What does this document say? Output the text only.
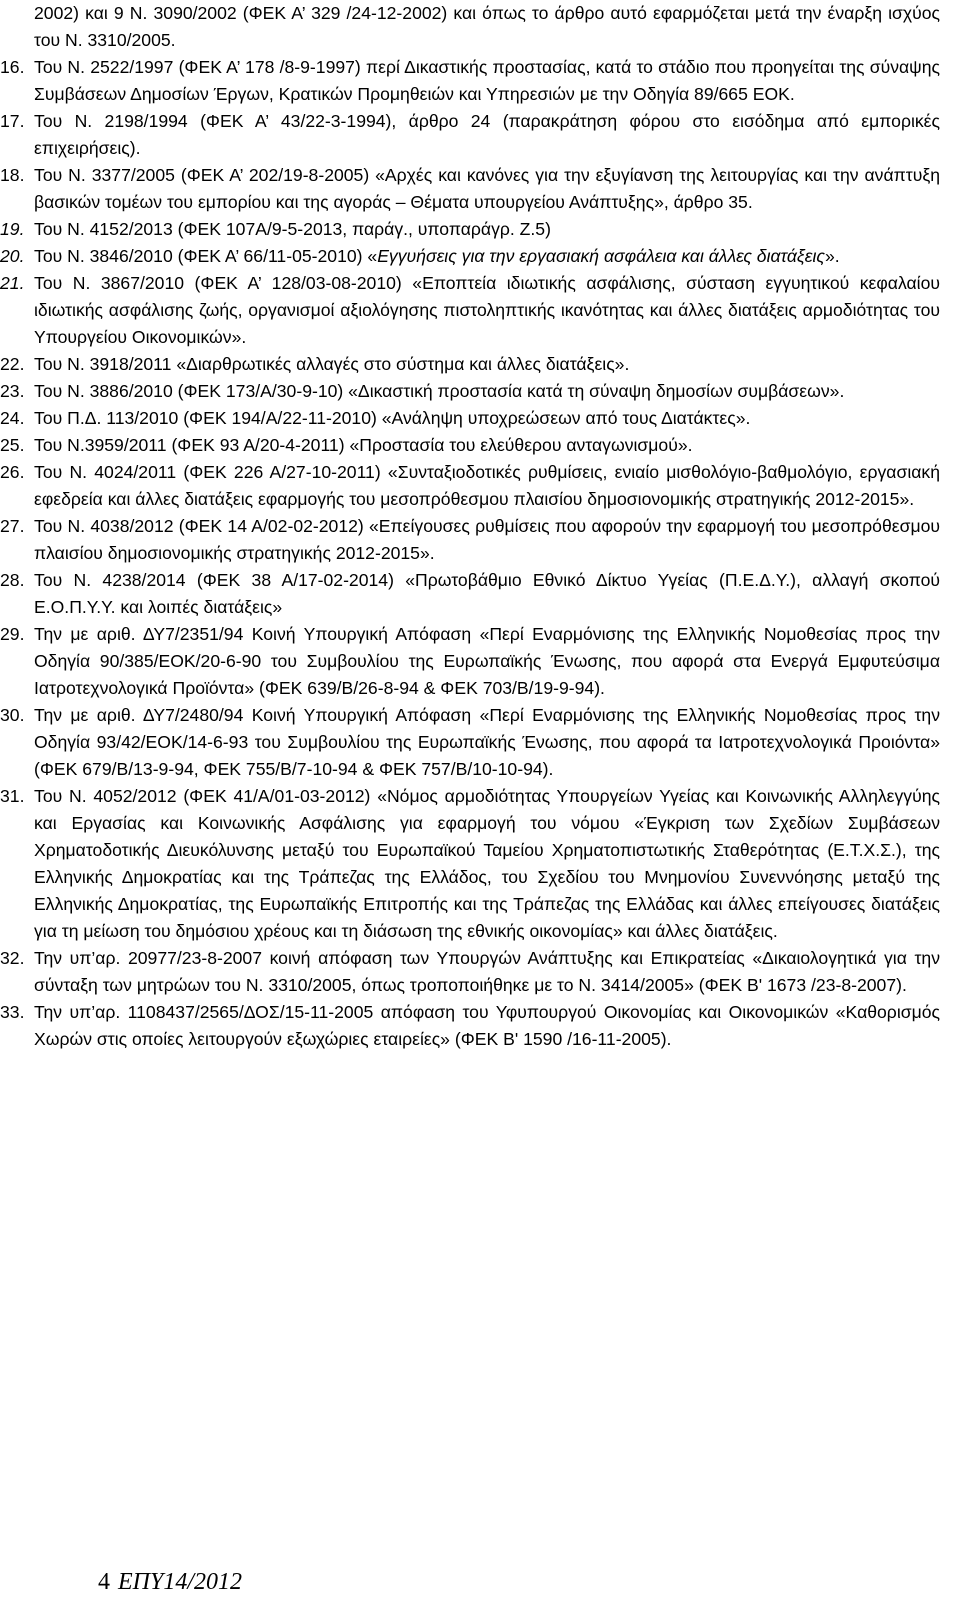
2002) και 9 Ν. 3090/2002 (ΦΕΚ Α’ 329 /24-12-2002) και όπως το άρθρο αυτό εφαρμόζεται μετά την έναρξη ισχύος του Ν. 3310/2005.

16. Του Ν. 2522/1997 (ΦΕΚ Α’ 178 /8-9-1997) περί Δικαστικής προστασίας, κατά το στάδιο που προηγείται της σύναψης Συμβάσεων Δημοσίων Έργων, Κρατικών Προμηθειών και Υπηρεσιών με την Οδηγία 89/665 ΕΟΚ.

17. Του Ν. 2198/1994 (ΦΕΚ Α’ 43/22-3-1994), άρθρο 24 (παρακράτηση φόρου στο εισόδημα από εμπορικές επιχειρήσεις).

18. Του Ν. 3377/2005 (ΦΕΚ Α’ 202/19-8-2005) «Αρχές και κανόνες για την εξυγίανση της λειτουργίας και την ανάπτυξη βασικών τομέων του εμπορίου και της αγοράς – Θέματα υπουργείου Ανάπτυξης», άρθρο 35.

19. Του Ν. 4152/2013 (ΦΕΚ 107Α/9-5-2013, παράγ., υποπαράγρ. Ζ.5)

20. Του Ν. 3846/2010 (ΦΕΚ Α’ 66/11-05-2010) «Εγγυήσεις για την εργασιακή ασφάλεια και άλλες διατάξεις».

21. Του Ν. 3867/2010 (ΦΕΚ Α’ 128/03-08-2010) «Εποπτεία ιδιωτικής ασφάλισης, σύσταση εγγυητικού κεφαλαίου ιδιωτικής ασφάλισης ζωής, οργανισμοί αξιολόγησης πιστοληπτικής ικανότητας και άλλες διατάξεις αρμοδιότητας του Υπουργείου Οικονομικών».

22. Του Ν. 3918/2011 «Διαρθρωτικές αλλαγές στο σύστημα και άλλες διατάξεις».

23. Του Ν. 3886/2010 (ΦΕΚ 173/Α/30-9-10) «Δικαστική προστασία κατά τη σύναψη δημοσίων συμβάσεων».

24. Του Π.Δ. 113/2010 (ΦΕΚ 194/Α/22-11-2010) «Ανάληψη υποχρεώσεων από τους Διατάκτες».

25. Του Ν.3959/2011 (ΦΕΚ 93 Α/20-4-2011) «Προστασία του ελεύθερου ανταγωνισμού».

26. Του Ν. 4024/2011 (ΦΕΚ 226 Α/27-10-2011) «Συνταξιοδοτικές ρυθμίσεις, ενιαίο μισθολόγιο-βαθμολόγιο, εργασιακή εφεδρεία και άλλες διατάξεις εφαρμογής του μεσοπρόθεσμου πλαισίου δημοσιονομικής στρατηγικής 2012-2015».

27. Του Ν. 4038/2012 (ΦΕΚ 14 Α/02-02-2012) «Επείγουσες ρυθμίσεις που αφορούν την εφαρμογή του μεσοπρόθεσμου πλαισίου δημοσιονομικής στρατηγικής 2012-2015».

28. Του Ν. 4238/2014 (ΦΕΚ 38 Α/17-02-2014) «Πρωτοβάθμιο Εθνικό Δίκτυο Υγείας (Π.Ε.Δ.Υ.), αλλαγή σκοπού Ε.Ο.Π.Υ.Υ. και λοιπές διατάξεις»

29. Την με αριθ. ΔΥ7/2351/94 Κοινή Υπουργική Απόφαση «Περί Εναρμόνισης της Ελληνικής Νομοθεσίας προς την Οδηγία 90/385/ΕΟΚ/20-6-90 του Συμβουλίου της Ευρωπαϊκής Ένωσης, που αφορά στα Ενεργά Εμφυτεύσιμα Ιατροτεχνολογικά Προϊόντα» (ΦΕΚ 639/Β/26-8-94 & ΦΕΚ 703/Β/19-9-94).

30. Την με αριθ. ΔΥ7/2480/94 Κοινή Υπουργική Απόφαση «Περί Εναρμόνισης της Ελληνικής Νομοθεσίας προς την Οδηγία 93/42/ΕΟΚ/14-6-93 του Συμβουλίου της Ευρωπαϊκής Ένωσης, που αφορά τα Ιατροτεχνολογικά Προιόντα» (ΦΕΚ 679/Β/13-9-94, ΦΕΚ 755/Β/7-10-94 & ΦΕΚ 757/Β/10-10-94).

31. Του Ν. 4052/2012 (ΦΕΚ 41/Α/01-03-2012) «Νόμος αρμοδιότητας Υπουργείων Υγείας και Κοινωνικής Αλληλεγγύης και Εργασίας και Κοινωνικής Ασφάλισης για εφαρμογή του νόμου «Έγκριση των Σχεδίων Συμβάσεων Χρηματοδοτικής Διευκόλυνσης μεταξύ του Ευρωπαϊκού Ταμείου Χρηματοπιστωτικής Σταθερότητας (Ε.Τ.Χ.Σ.), της Ελληνικής Δημοκρατίας και της Τράπεζας της Ελλάδος, του Σχεδίου του Μνημονίου Συνεννόησης μεταξύ της Ελληνικής Δημοκρατίας, της Ευρωπαϊκής Επιτροπής και της Τράπεζας της Ελλάδας και άλλες επείγουσες διατάξεις για τη μείωση του δημόσιου χρέους και τη διάσωση της εθνικής οικονομίας» και άλλες διατάξεις.

32. Την υπ’αρ. 20977/23-8-2007 κοινή απόφαση των Υπουργών Ανάπτυξης και Επικρατείας «Δικαιολογητικά για την σύνταξη των μητρώων του Ν. 3310/2005, όπως τροποποιήθηκε με το Ν. 3414/2005» (ΦΕΚ Β' 1673 /23-8-2007).

33. Την υπ’αρ. 1108437/2565/ΔΟΣ/15-11-2005 απόφαση του Υφυπουργού Οικονομίας και Οικονομικών «Καθορισμός Χωρών στις οποίες λειτουργούν εξωχώριες εταιρείες» (ΦΕΚ Β' 1590 /16-11-2005).

4 ΕΠΥ14/2012
